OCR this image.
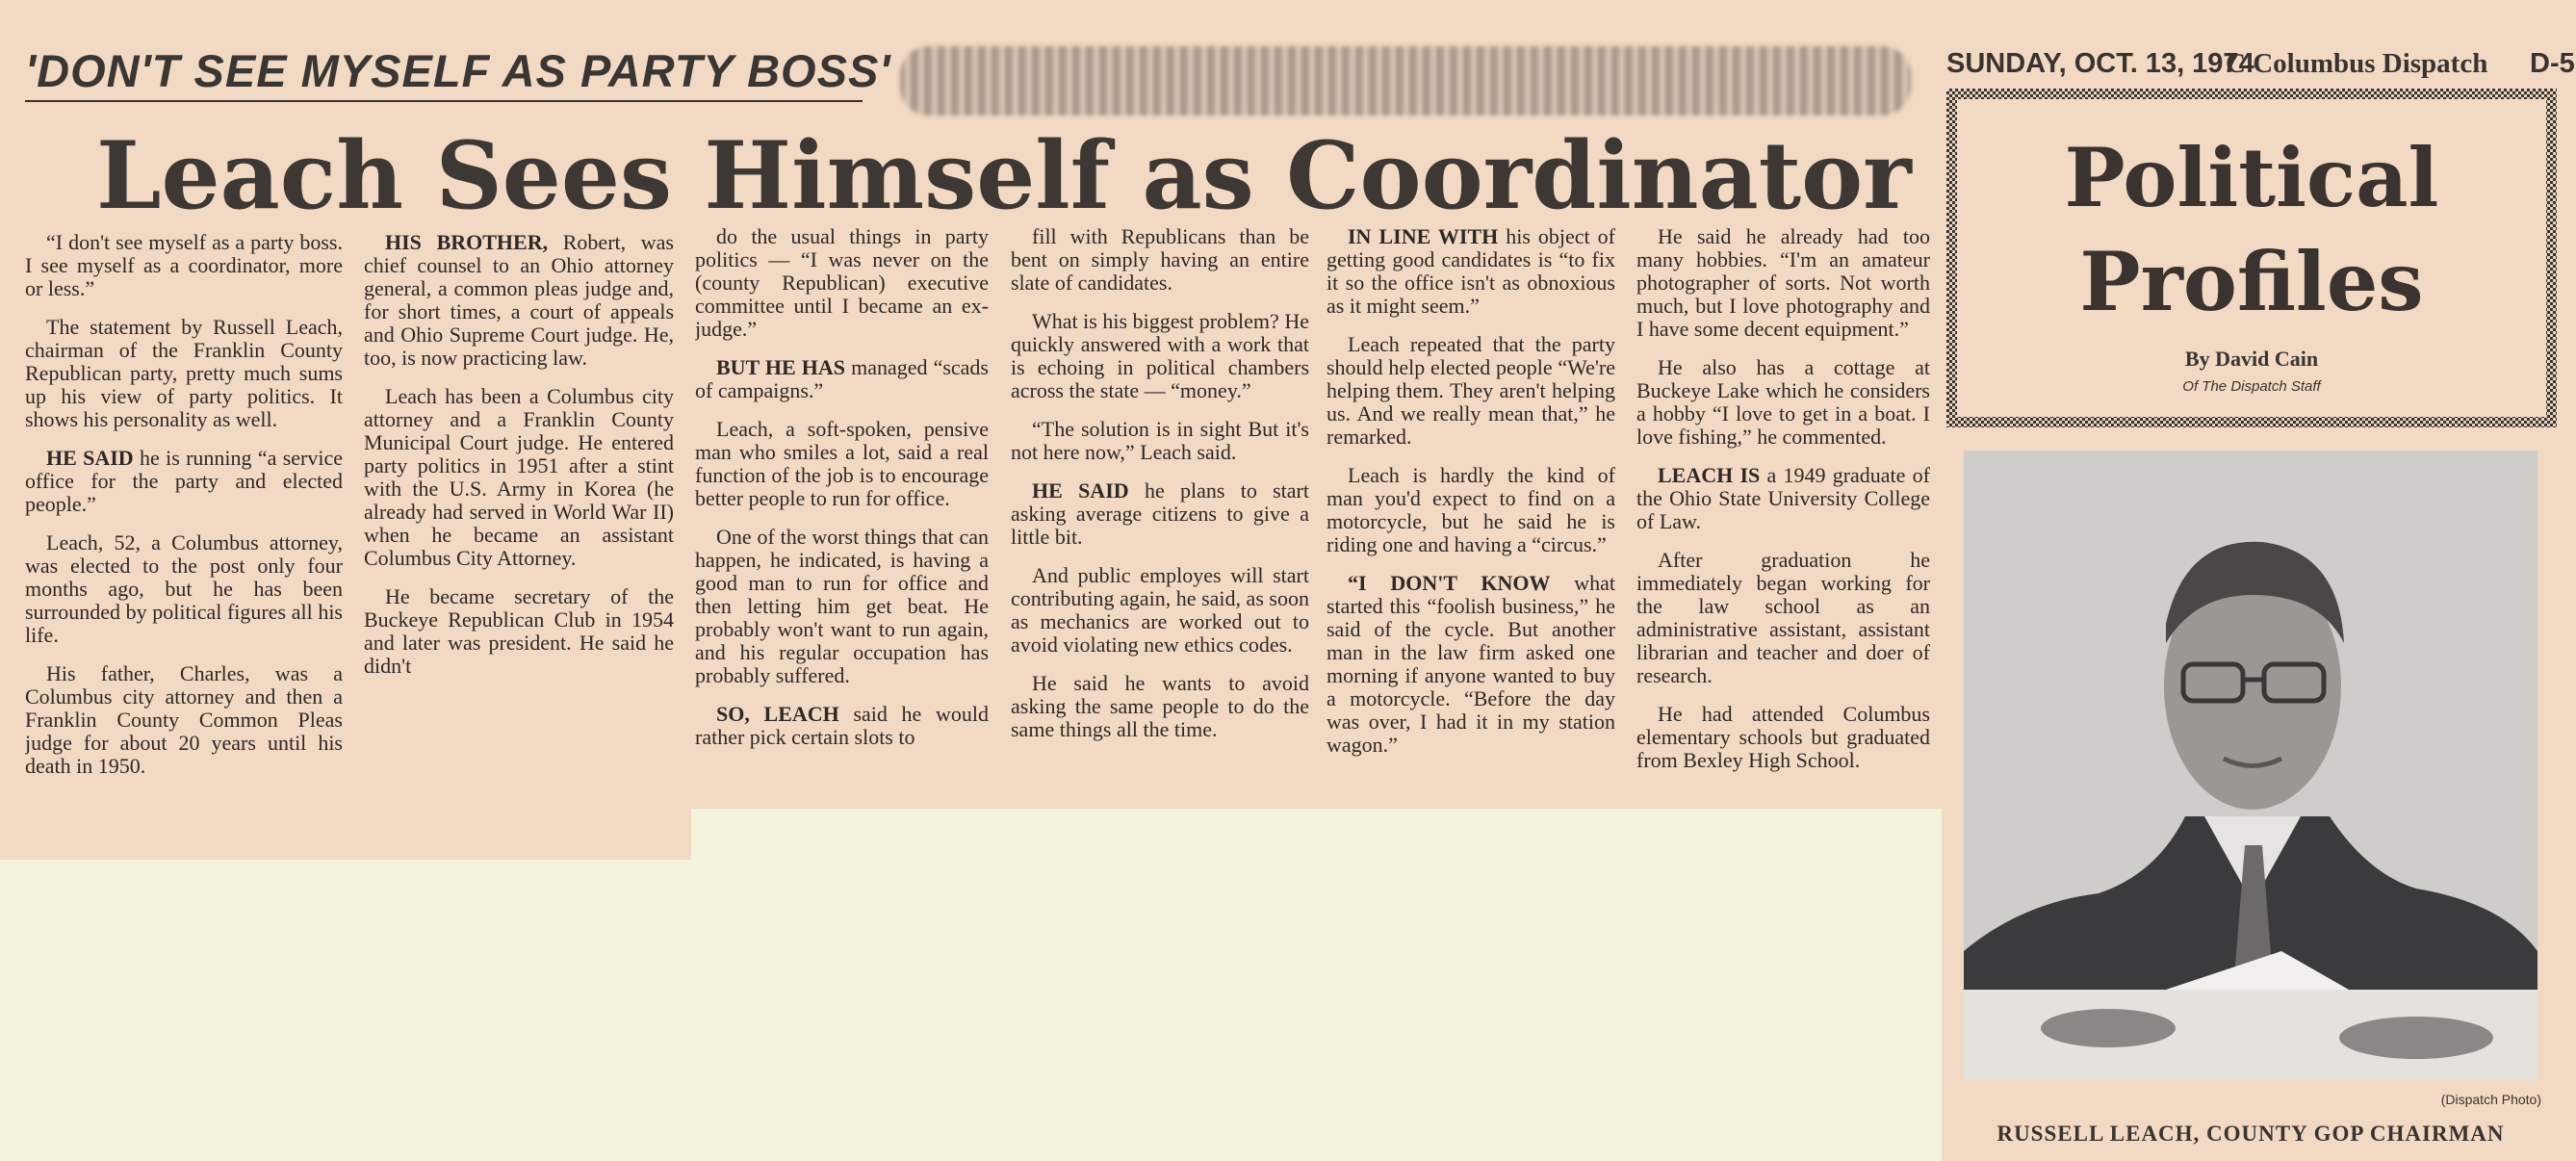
'DON'T SEE MYSELF AS PARTY BOSS'	SUNDAY, OCT. 13, 1974
C Columbus Dispatch D-5
Leach Sees Himself as Coordinator

“I don't see myself as a party boss. I see myself as a coordinator, more or less.”

The statement by Russell Leach, chairman of the Franklin County Republican party, pretty much sums up his view of party politics. It shows his personality as well.

HE SAID he is running “a service office for the party and elected people.”

Leach, 52, a Columbus attorney, was elected to the post only four months ago, but he has been surrounded by political figures all his life.

His father, Charles, was a Columbus city attorney and then a Franklin County Common Pleas judge for about 20 years until his death in 1950.

HIS BROTHER, Robert, was chief counsel to an Ohio attorney general, a common pleas judge and, for short times, a court of appeals and Ohio Supreme Court judge. He, too, is now practicing law.

Leach has been a Columbus city attorney and a Franklin County Municipal Court judge. He entered party politics in 1951 after a stint with the U.S. Army in Korea (he already had served in World War II) when he became an assistant Columbus City Attorney.

He became secretary of the Buckeye Republican Club in 1954 and later was president. He said he didn't

do the usual things in party politics — “I was never on the (county Republican) executive committee until I became an ex-judge.”

BUT HE HAS managed “scads of campaigns.”

Leach, a soft-spoken, pensive man who smiles a lot, said a real function of the job is to encourage better people to run for office.

One of the worst things that can happen, he indicated, is having a good man to run for office and then letting him get beat. He probably won't want to run again, and his regular occupation has probably suffered.

SO, LEACH said he would rather pick certain slots to

fill with Republicans than be bent on simply having an entire slate of candidates.

What is his biggest problem? He quickly answered with a work that is echoing in political chambers across the state — “money.”

“The solution is in sight But it's not here now,” Leach said.

HE SAID he plans to start asking average citizens to give a little bit.

And public employes will start contributing again, he said, as soon as mechanics are worked out to avoid violating new ethics codes.

He said he wants to avoid asking the same people to do the same things all the time.

IN LINE WITH his object of getting good candidates is “to fix it so the office isn't as obnoxious as it might seem.”

Leach repeated that the party should help elected people “We're helping them. They aren't helping us. And we really mean that,” he remarked.

Leach is hardly the kind of man you'd expect to find on a motorcycle, but he said he is riding one and having a “circus.”

“I DON'T KNOW what started this “foolish business,” he said of the cycle. But another man in the law firm asked one morning if anyone wanted to buy a motorcycle. “Before the day was over, I had it in my station wagon.”

He said he already had too many hobbies. “I'm an amateur photographer of sorts. Not worth much, but I love photography and I have some decent equipment.”

He also has a cottage at Buckeye Lake which he considers a hobby “I love to get in a boat. I love fishing,” he commented.

LEACH IS a 1949 graduate of the Ohio State University College of Law.

After graduation he immediately began working for the law school as an administrative assistant, assistant librarian and teacher and doer of research.

He had attended Columbus elementary schools but graduated from Bexley High School.

Political
Profiles
By David Cain
Of The Dispatch Staff
(Dispatch Photo)
RUSSELL LEACH, COUNTY GOP CHAIRMAN
